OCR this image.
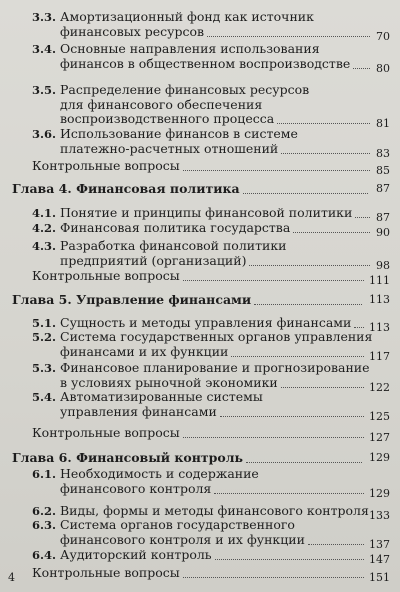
3.3. Амортизационный фонд как источник
финансовых ресурсов	70
3.4. Основные направления использования
финансов в общественном воспроизводстве 80
3.5. Распределение финансовых ресурсов
для финансового обеспечения
воспроизводственного процесса	81
3.6. Использование финансов в системе
платежно-расчетных отношений	83
Контрольные вопросы	85
Глава 4. Финансовая политика	87
4.1. Понятие и принципы финансовой политики 87
4.2. Финансовая политика государства	90
4.3. Разработка финансовой политики
предприятий (организаций)	98
Контрольные вопросы	111
Глава 5. Управление финансами	113
5.1. Сущность и методы управления финансами 113
5.2. Система государственных органов управления
финансами и их функции	117
5.3. Финансовое планирование и прогнозирование
в условиях рыночной экономики	122
5.4. Автоматизированные системы
управления финансами	125
Контрольные вопросы	127
Глава 6. Финансовый контроль	129
6.1. Необходимость и содержание
финансового контроля	129
6.2. Виды, формы и методы финансового контроля 133
6.3. Система органов государственного
финансового контроля и их функции	137
6.4. Аудиторский контроль	147
Контрольные вопросы	151
4
